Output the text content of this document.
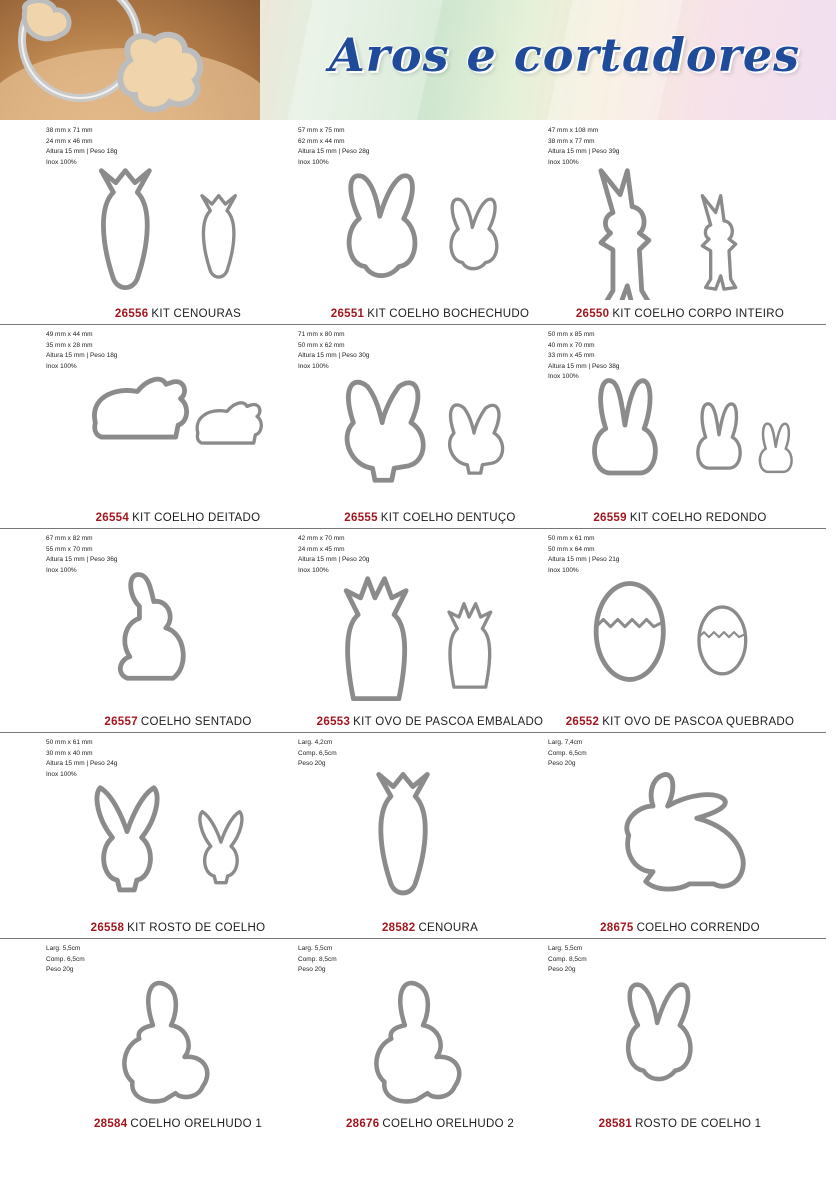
Aros e cortadores
38 mm x 71 mm
24 mm x 46 mm
Altura 15 mm | Peso 18g
Inox 100%
26556 KIT CENOURAS
57 mm x 75 mm
62 mm x 44 mm
Altura 15 mm | Peso 28g
Inox 100%
26551 KIT COELHO BOCHECHUDO
47 mm x 108 mm
38 mm x 77 mm
Altura 15 mm | Peso 39g
Inox 100%
26550 KIT COELHO CORPO INTEIRO
49 mm x 44 mm
35 mm x 28 mm
Altura 15 mm | Peso 18g
Inox 100%
26554 KIT COELHO DEITADO
71 mm x 80 mm
50 mm x 62 mm
Altura 15 mm | Peso 30g
Inox 100%
26555 KIT COELHO DENTUÇO
50 mm x 85 mm
40 mm x 70 mm
33 mm x 45 mm
Altura 15 mm | Peso 38g
Inox 100%
26559 KIT COELHO REDONDO
67 mm x 82 mm
55 mm x 70 mm
Altura 15 mm | Peso 36g
Inox 100%
26557 COELHO SENTADO
42 mm x 70 mm
24 mm x 45 mm
Altura 15 mm | Peso 20g
Inox 100%
26553 KIT OVO DE PASCOA EMBALADO
50 mm x 61 mm
50 mm x 64 mm
Altura 15 mm | Peso 21g
Inox 100%
26552 KIT OVO DE PASCOA QUEBRADO
50 mm x 61 mm
30 mm x 40 mm
Altura 15 mm | Peso 24g
Inox 100%
26558 KIT ROSTO DE COELHO
Larg. 4,2cm
Comp. 6,5cm
Peso 20g
28582 CENOURA
Larg. 7,4cm
Comp. 6,5cm
Peso 20g
28675 COELHO CORRENDO
Larg. 5,5cm
Comp. 6,5cm
Peso 20g
28584 COELHO ORELHUDO 1
Larg. 5,5cm
Comp. 8,5cm
Peso 20g
28676 COELHO ORELHUDO 2
Larg. 5,5cm
Comp. 8,5cm
Peso 20g
28581 ROSTO DE COELHO 1
